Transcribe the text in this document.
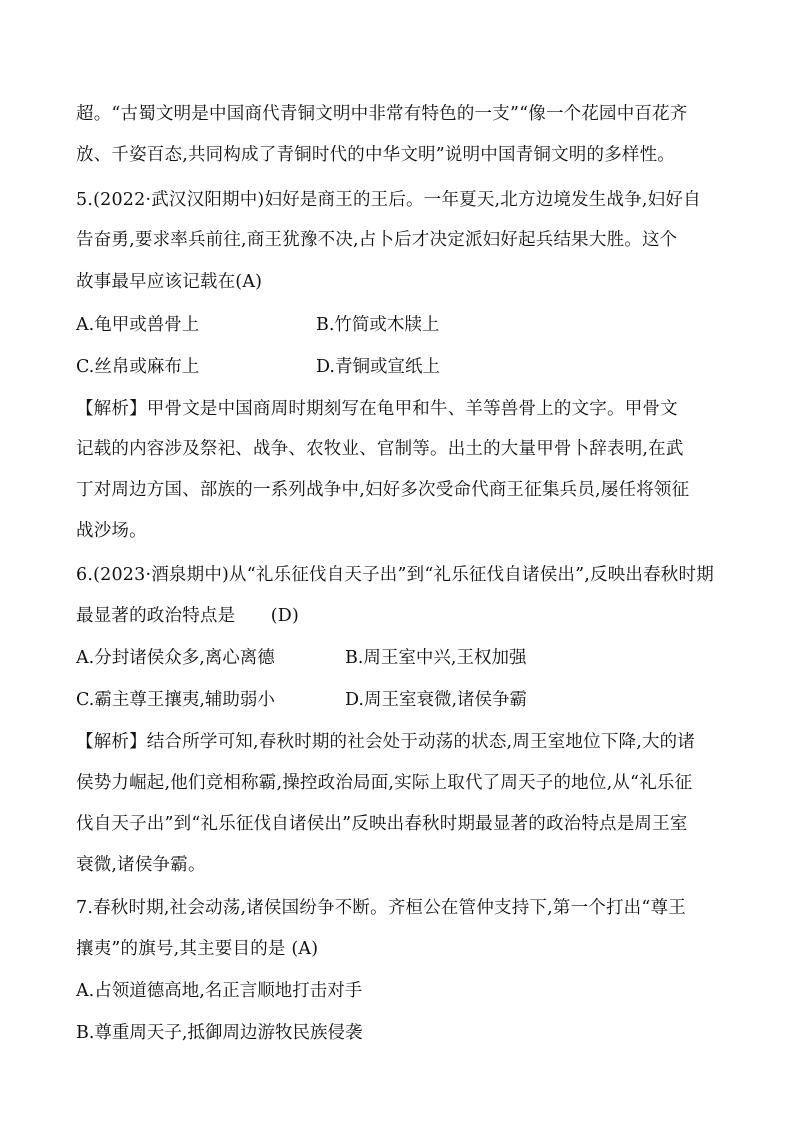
超。“古蜀文明是中国商代青铜文明中非常有特色的一支”“像一个花园中百花齐
放、千姿百态,共同构成了青铜时代的中华文明”说明中国青铜文明的多样性。
5.(2022·武汉汉阳期中)妇好是商王的王后。一年夏天,北方边境发生战争,妇好自
告奋勇,要求率兵前往,商王犹豫不决,占卜后才决定派妇好起兵结果大胜。这个
故事最早应该记载在(A)
A.龟甲或兽骨上	B.竹简或木牍上
C.丝帛或麻布上	D.青铜或宣纸上
【解析】甲骨文是中国商周时期刻写在龟甲和牛、羊等兽骨上的文字。甲骨文
记载的内容涉及祭祀、战争、农牧业、官制等。出土的大量甲骨卜辞表明,在武
丁对周边方国、部族的一系列战争中,妇好多次受命代商王征集兵员,屡任将领征
战沙场。
6.(2023·酒泉期中)从“礼乐征伐自天子出”到“礼乐征伐自诸侯出”,反映出春秋时期
最显著的政治特点是　　(D)
A.分封诸侯众多,离心离德	B.周王室中兴,王权加强
C.霸主尊王攘夷,辅助弱小	D.周王室衰微,诸侯争霸
【解析】结合所学可知,春秋时期的社会处于动荡的状态,周王室地位下降,大的诸
侯势力崛起,他们竞相称霸,操控政治局面,实际上取代了周天子的地位,从“礼乐征
伐自天子出”到“礼乐征伐自诸侯出”反映出春秋时期最显著的政治特点是周王室
衰微,诸侯争霸。
7.春秋时期,社会动荡,诸侯国纷争不断。齐桓公在管仲支持下,第一个打出“尊王
攘夷”的旗号,其主要目的是 (A)
A.占领道德高地,名正言顺地打击对手
B.尊重周天子,抵御周边游牧民族侵袭
